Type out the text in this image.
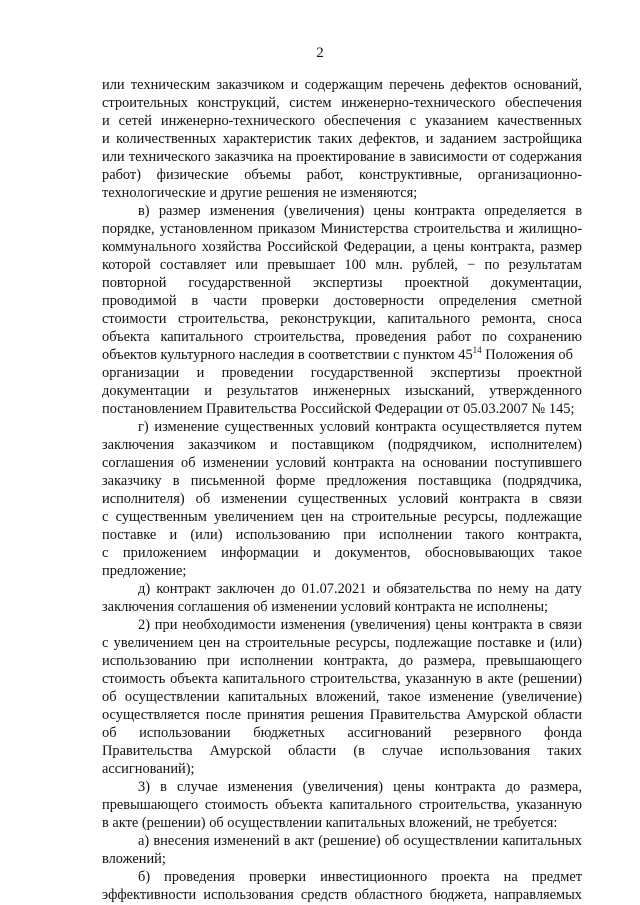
2
или техническим заказчиком и содержащим перечень дефектов оснований,
строительных конструкций, систем инженерно-технического обеспечения
и сетей инженерно-технического обеспечения с указанием качественных
и количественных характеристик таких дефектов, и заданием застройщика
или технического заказчика на проектирование в зависимости от содержания
работ) физические объемы работ, конструктивные, организационно-
технологические и другие решения не изменяются;
в) размер изменения (увеличения) цены контракта определяется в
порядке, установленном приказом Министерства строительства и жилищно-
коммунального хозяйства Российской Федерации, а цены контракта, размер
которой составляет или превышает 100 млн. рублей, − по результатам
повторной государственной экспертизы проектной документации,
проводимой в части проверки достоверности определения сметной
стоимости строительства, реконструкции, капитального ремонта, сноса
объекта капитального строительства, проведения работ по сохранению
объектов культурного наследия в соответствии с пунктом $45^{14}$ Положения об
организации и проведении государственной экспертизы проектной
документации и результатов инженерных изысканий, утвержденного
постановлением Правительства Российской Федерации от 05.03.2007 № 145;
г) изменение существенных условий контракта осуществляется путем
заключения заказчиком и поставщиком (подрядчиком, исполнителем)
соглашения об изменении условий контракта на основании поступившего
заказчику в письменной форме предложения поставщика (подрядчика,
исполнителя) об изменении существенных условий контракта в связи
с существенным увеличением цен на строительные ресурсы, подлежащие
поставке и (или) использованию при исполнении такого контракта,
с приложением информации и документов, обосновывающих такое
предложение;
д) контракт заключен до 01.07.2021 и обязательства по нему на дату
заключения соглашения об изменении условий контракта не исполнены;
2) при необходимости изменения (увеличения) цены контракта в связи
с увеличением цен на строительные ресурсы, подлежащие поставке и (или)
использованию при исполнении контракта, до размера, превышающего
стоимость объекта капитального строительства, указанную в акте (решении)
об осуществлении капитальных вложений, такое изменение (увеличение)
осуществляется после принятия решения Правительства Амурской области
об использовании бюджетных ассигнований резервного фонда
Правительства Амурской области (в случае использования таких
ассигнований);
3) в случае изменения (увеличения) цены контракта до размера,
превышающего стоимость объекта капитального строительства, указанную
в акте (решении) об осуществлении капитальных вложений, не требуется:
а) внесения изменений в акт (решение) об осуществлении капитальных
вложений;
б) проведения проверки инвестиционного проекта на предмет
эффективности использования средств областного бюджета, направляемых
